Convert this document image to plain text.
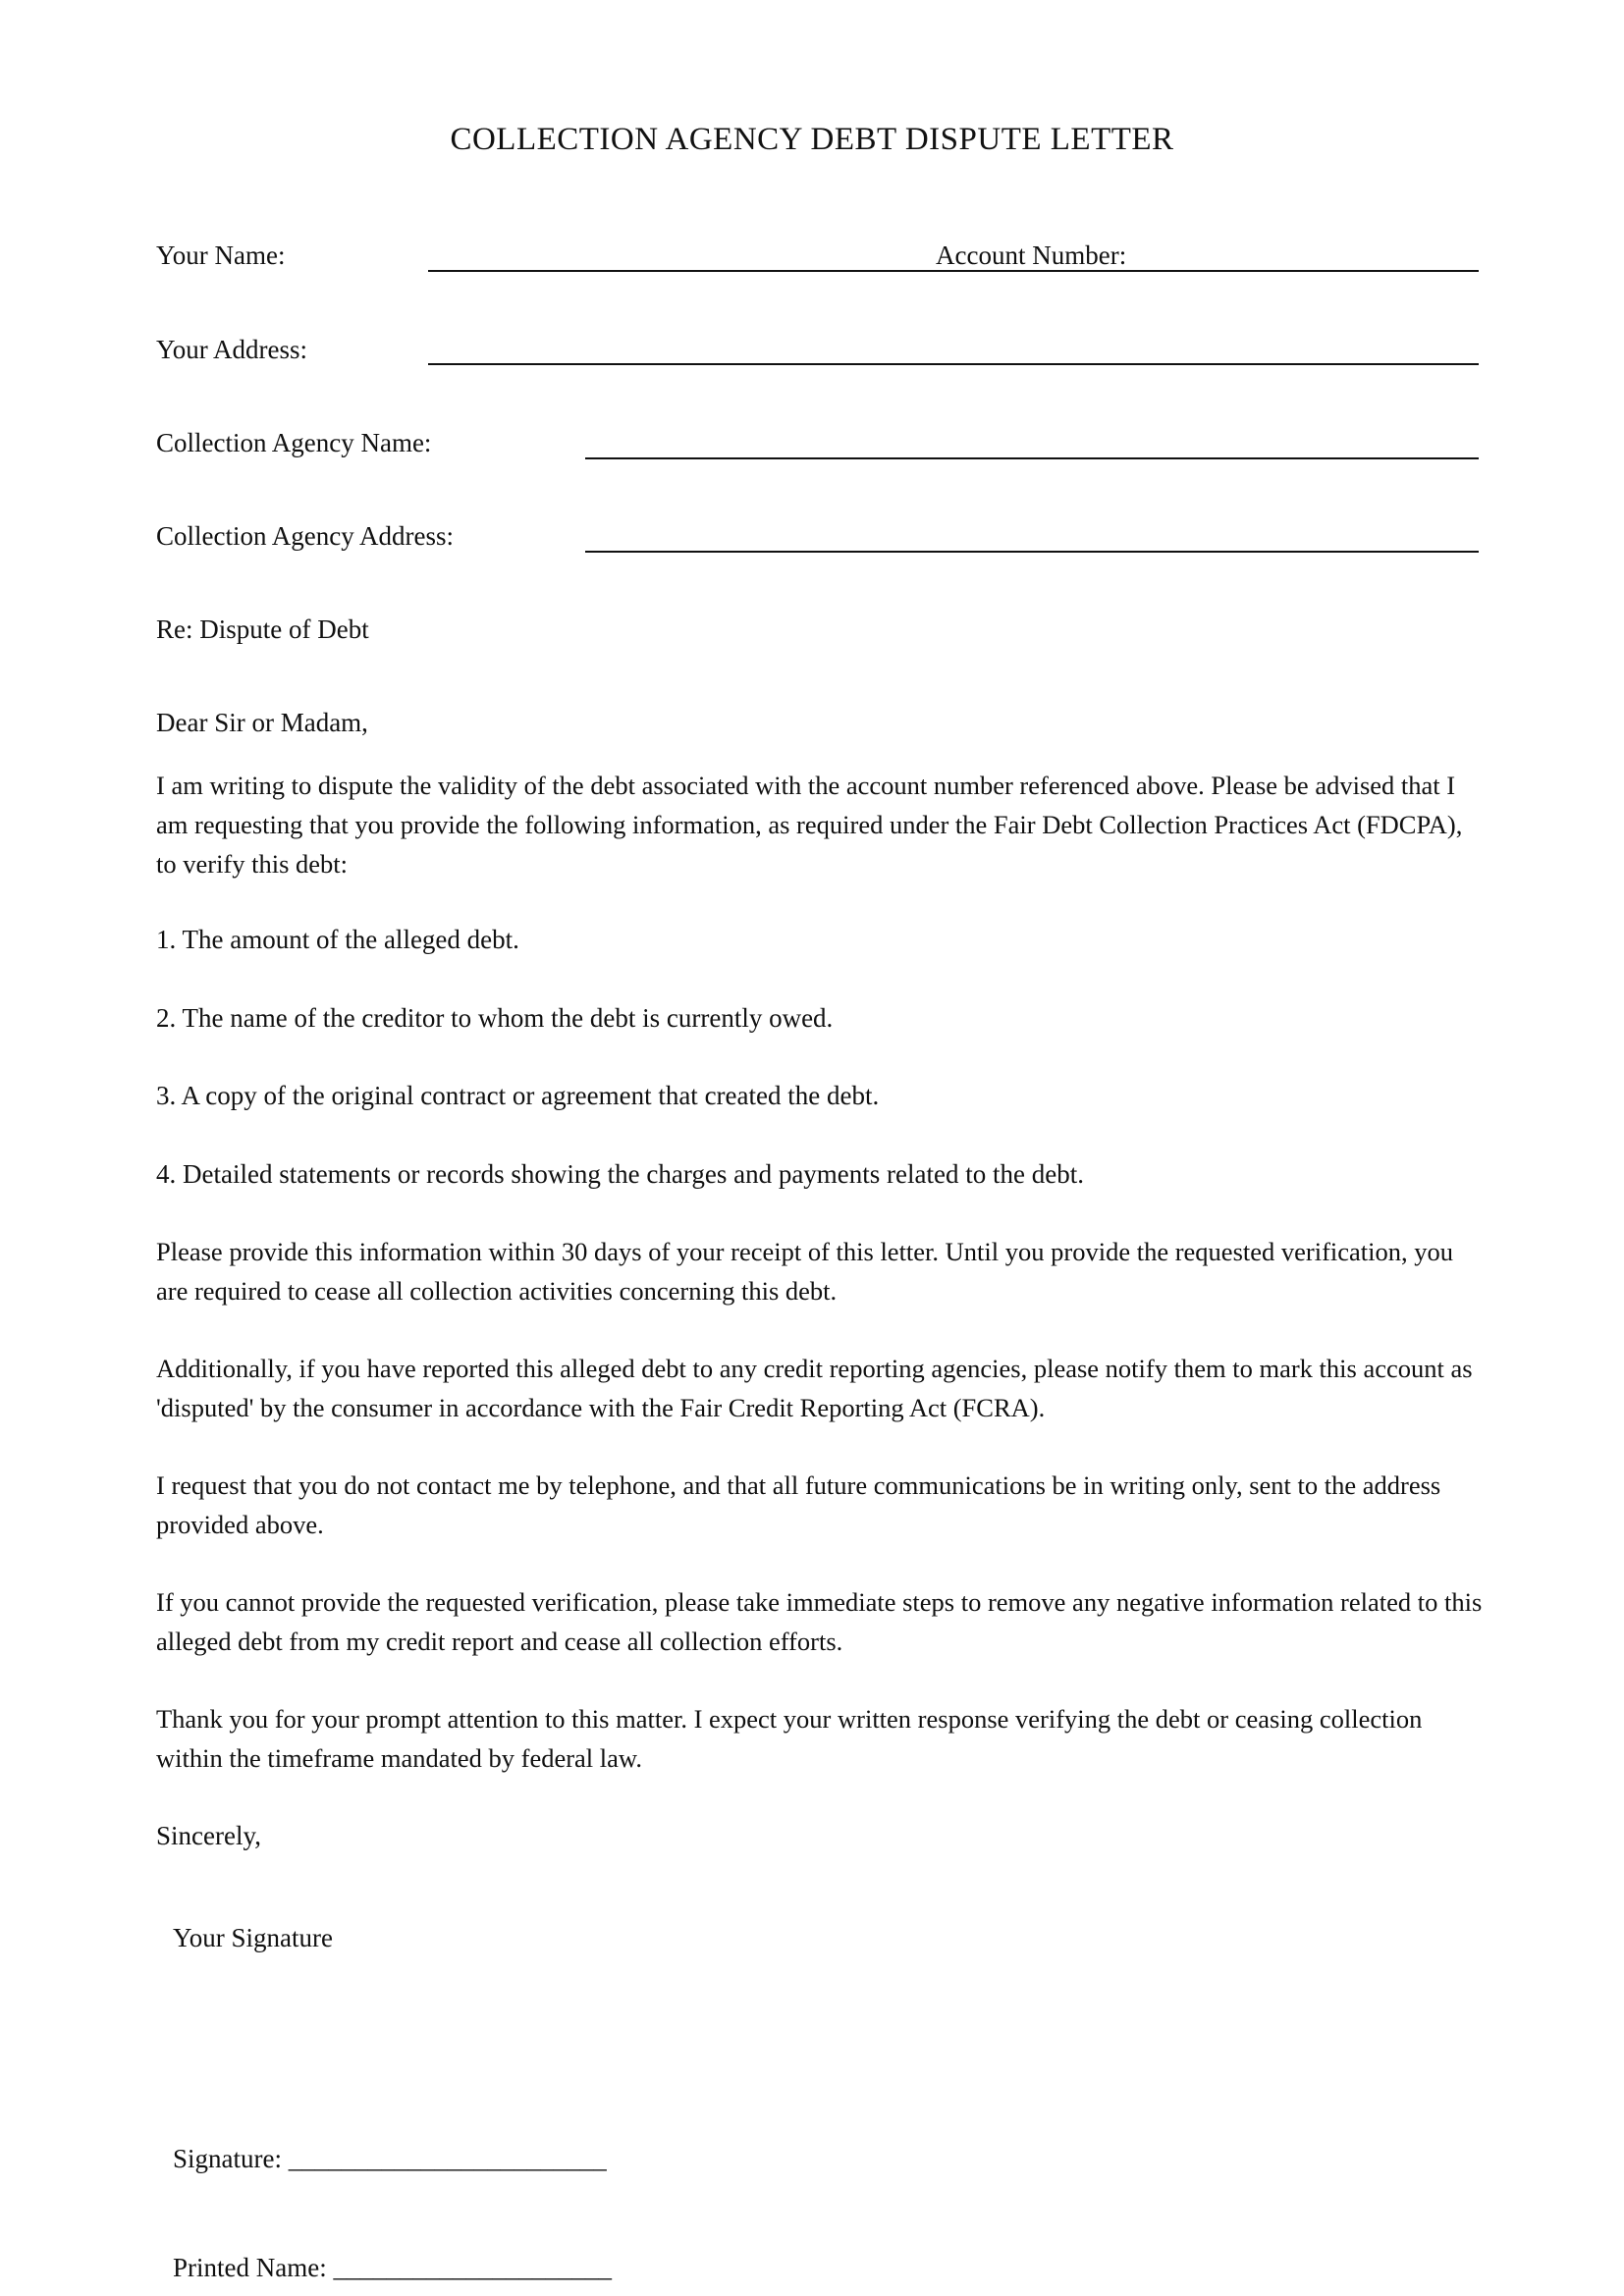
COLLECTION AGENCY DEBT DISPUTE LETTER
Your Name:	Account Number:
Your Address:
Collection Agency Name:
Collection Agency Address:
Re: Dispute of Debt
Dear Sir or Madam,
I am writing to dispute the validity of the debt associated with the account number referenced above. Please be advised that I am requesting that you provide the following information, as required under the Fair Debt Collection Practices Act (FDCPA), to verify this debt:
1. The amount of the alleged debt.
2. The name of the creditor to whom the debt is currently owed.
3. A copy of the original contract or agreement that created the debt.
4. Detailed statements or records showing the charges and payments related to the debt.
Please provide this information within 30 days of your receipt of this letter. Until you provide the requested verification, you are required to cease all collection activities concerning this debt.
Additionally, if you have reported this alleged debt to any credit reporting agencies, please notify them to mark this account as 'disputed' by the consumer in accordance with the Fair Credit Reporting Act (FCRA).
I request that you do not contact me by telephone, and that all future communications be in writing only, sent to the address provided above.
If you cannot provide the requested verification, please take immediate steps to remove any negative information related to this alleged debt from my credit report and cease all collection efforts.
Thank you for your prompt attention to this matter. I expect your written response verifying the debt or ceasing collection within the timeframe mandated by federal law.
Sincerely,
Your Signature
Signature: ________________________
Printed Name: _____________________
